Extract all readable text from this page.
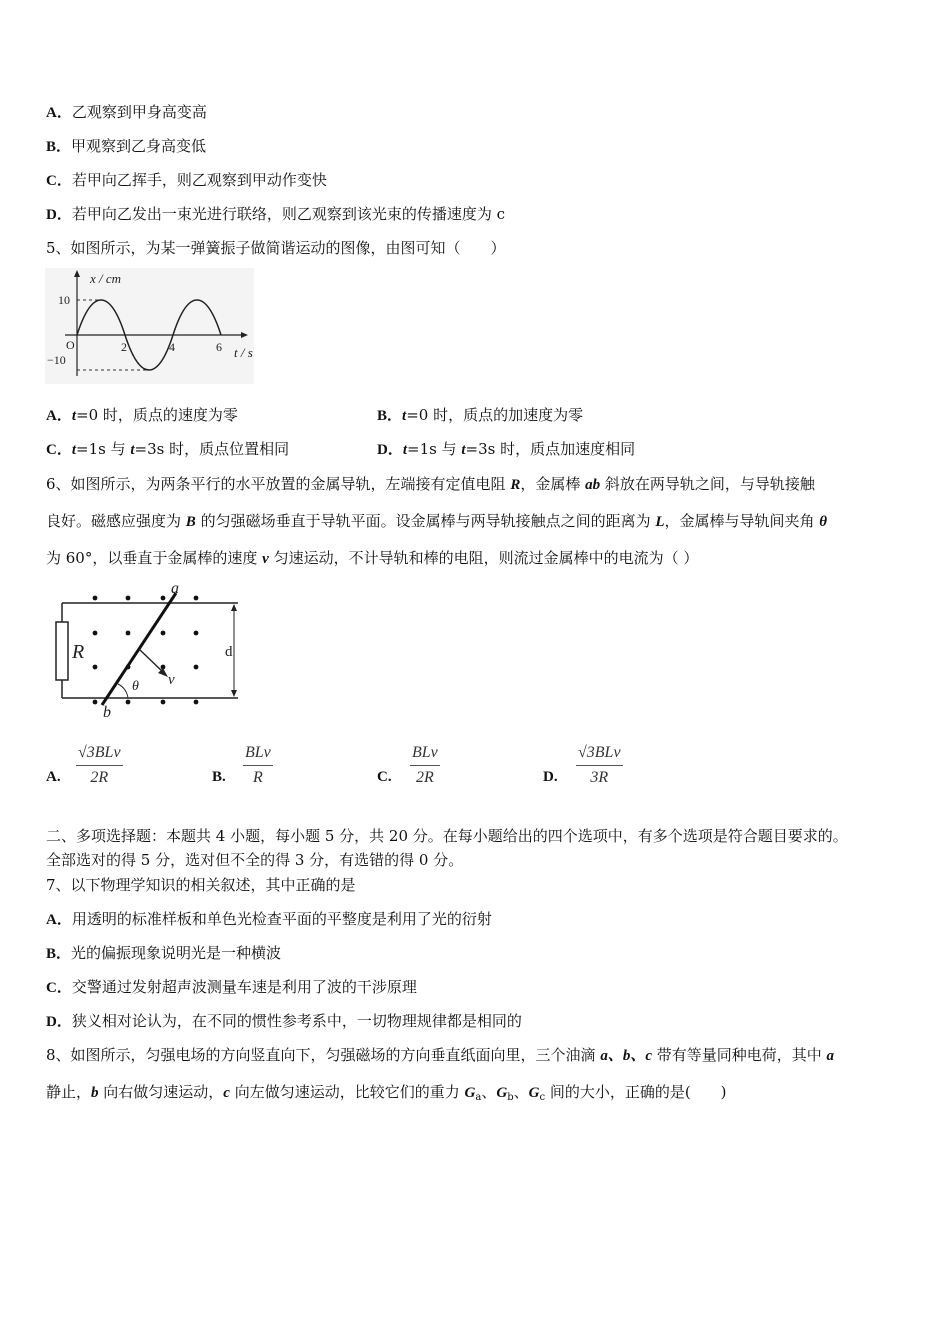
A．乙观察到甲身高变高
B．甲观察到乙身高变低
C．若甲向乙挥手，则乙观察到甲动作变快
D．若甲向乙发出一束光进行联络，则乙观察到该光束的传播速度为 c
5、如图所示，为某一弹簧振子做简谐运动的图像，由图可知（　　）
x / cm
10
−10
O	2	4	6 t / s
A．t=0 时，质点的速度为零	B．t=0 时，质点的加速度为零
C．t=1s 与 t=3s 时，质点位置相同	D．t=1s 与 t=3s 时，质点加速度相同
6、如图所示，为两条平行的水平放置的金属导轨，左端接有定值电阻 R，金属棒 ab 斜放在两导轨之间，与导轨接触
良好。磁感应强度为 B 的匀强磁场垂直于导轨平面。设金属棒与两导轨接触点之间的距离为 L，金属棒与导轨间夹角 θ
为 60°，以垂直于金属棒的速度 v 匀速运动，不计导轨和棒的电阻，则流过金属棒中的电流为（ ）
R
a
b
v
θ
d
A.
√3BLv
2R	B.
BLv
R	C.
BLv
2R	D.
√3BLv
3R
二、多项选择题：本题共 4 小题，每小题 5 分，共 20 分。在每小题给出的四个选项中，有多个选项是符合题目要求的。
全部选对的得 5 分，选对但不全的得 3 分，有选错的得 0 分。
7、以下物理学知识的相关叙述，其中正确的是
A．用透明的标准样板和单色光检查平面的平整度是利用了光的衍射
B．光的偏振现象说明光是一种横波
C．交警通过发射超声波测量车速是利用了波的干涉原理
D．狭义相对论认为，在不同的惯性参考系中，一切物理规律都是相同的
8、如图所示，匀强电场的方向竖直向下，匀强磁场的方向垂直纸面向里，三个油滴 a、b、c 带有等量同种电荷，其中 a
静止，b 向右做匀速运动，c 向左做匀速运动，比较它们的重力 $G_a$、$G_b$、$G_c$ 间的大小，正确的是(　　)
